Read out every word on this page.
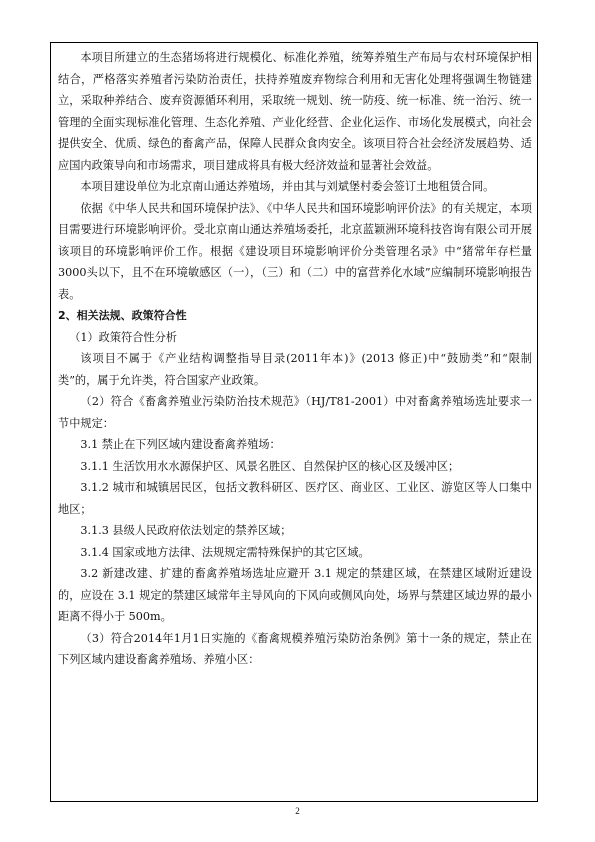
本项目所建立的生态猪场将进行规模化、标准化养殖，统筹养殖生产布局与农村环境保护相结合，严格落实养殖者污染防治责任，扶持养殖废弃物综合利用和无害化处理将强调生物链建立，采取种养结合、废弃资源循环利用，采取统一规划、统一防疫、统一标准、统一治污、统一管理的全面实现标准化管理、生态化养殖、产业化经营、企业化运作、市场化发展模式，向社会提供安全、优质、绿色的畜禽产品，保障人民群众食肉安全。该项目符合社会经济发展趋势、适应国内政策导向和市场需求，项目建成将具有极大经济效益和显著社会效益。

本项目建设单位为北京南山通达养殖场，并由其与刘斌堡村委会签订土地租赁合同。

依据《中华人民共和国环境保护法》、《中华人民共和国环境影响评价法》的有关规定，本项目需要进行环境影响评价。受北京南山通达养殖场委托，北京蓝颖洲环境科技咨询有限公司开展该项目的环境影响评价工作。根据《建设项目环境影响评价分类管理名录》中“猪常年存栏量3000头以下，且不在环境敏感区（一），（三）和（二）中的富营养化水域”应编制环境影响报告表。

2、相关法规、政策符合性

（1）政策符合性分析

该项目不属于《产业结构调整指导目录(2011年本)》(2013 修正)中“鼓励类”和“限制类”的，属于允许类，符合国家产业政策。

（2）符合《畜禽养殖业污染防治技术规范》（HJ/T81-2001）中对畜禽养殖场选址要求一节中规定：

3.1 禁止在下列区域内建设畜禽养殖场：

3.1.1 生活饮用水水源保护区、风景名胜区、自然保护区的核心区及缓冲区；

3.1.2 城市和城镇居民区，包括文教科研区、医疗区、商业区、工业区、游览区等人口集中地区；

3.1.3 县级人民政府依法划定的禁养区域；

3.1.4 国家或地方法律、法规规定需特殊保护的其它区域。

3.2 新建改建、扩建的畜禽养殖场选址应避开 3.1 规定的禁建区域，在禁建区域附近建设的，应设在 3.1 规定的禁建区域常年主导风向的下风向或侧风向处，场界与禁建区域边界的最小距离不得小于 500m。

（3）符合2014年1月1日实施的《畜禽规模养殖污染防治条例》第十一条的规定，禁止在下列区域内建设畜禽养殖场、养殖小区：

2
